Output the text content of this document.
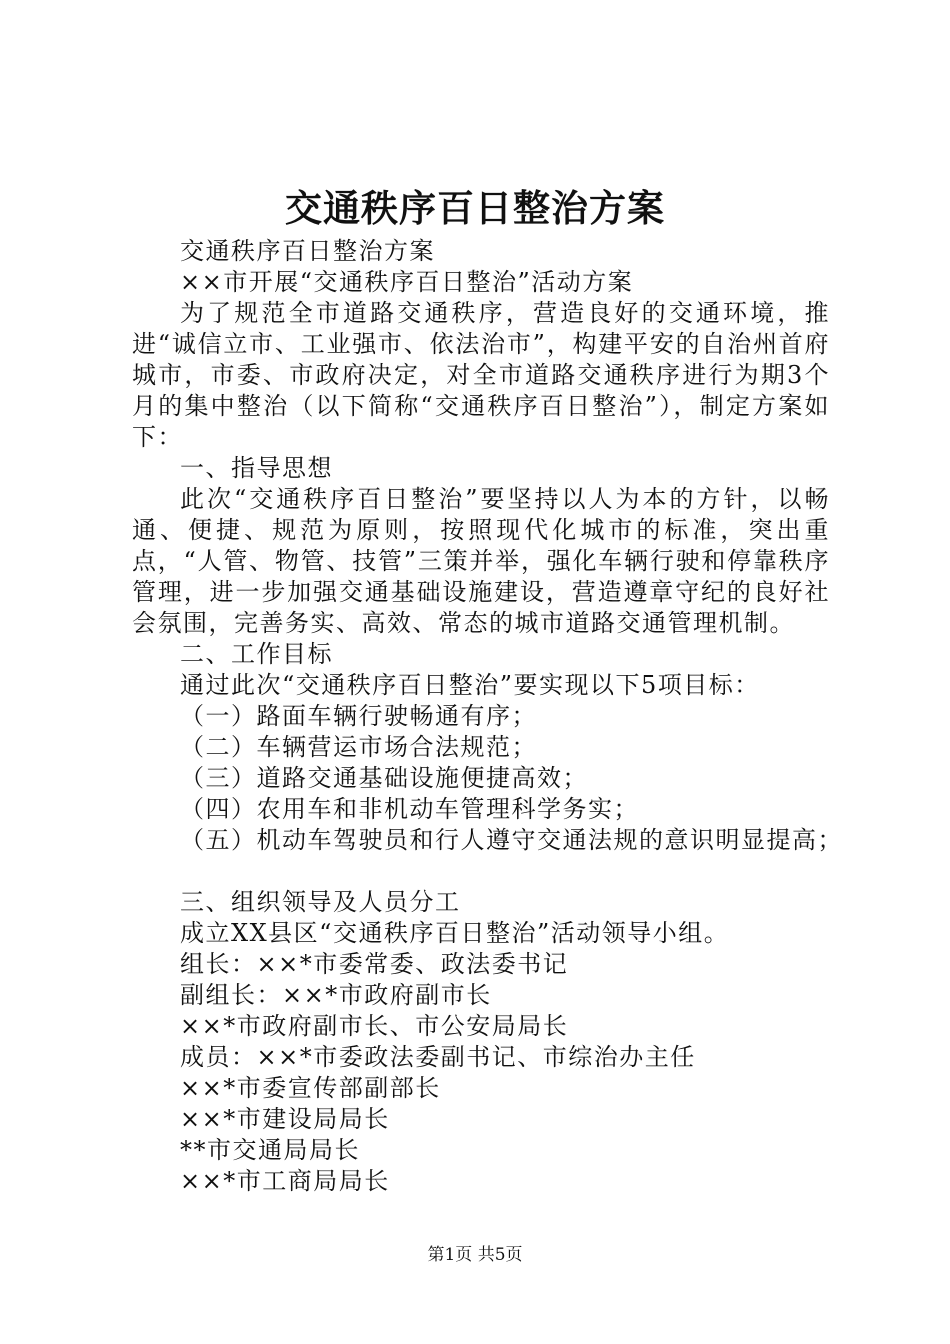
交通秩序百日整治方案
交通秩序百日整治方案
××市开展“交通秩序百日整治”活动方案
为了规范全市道路交通秩序，营造良好的交通环境，推进“诚信立市、工业强市、依法治市”，构建平安的自治州首府城市，市委、市政府决定，对全市道路交通秩序进行为期3个月的集中整治（以下简称“交通秩序百日整治”），制定方案如下：
一、指导思想
此次“交通秩序百日整治”要坚持以人为本的方针，以畅通、便捷、规范为原则，按照现代化城市的标准，突出重点，“人管、物管、技管”三策并举，强化车辆行驶和停靠秩序管理，进一步加强交通基础设施建设，营造遵章守纪的良好社会氛围，完善务实、高效、常态的城市道路交通管理机制。
二、工作目标
通过此次“交通秩序百日整治”要实现以下5项目标：
（一）路面车辆行驶畅通有序；
（二）车辆营运市场合法规范；
（三）道路交通基础设施便捷高效；
（四）农用车和非机动车管理科学务实；
（五）机动车驾驶员和行人遵守交通法规的意识明显提高；
三、组织领导及人员分工
成立XX县区“交通秩序百日整治”活动领导小组。
组长：××*市委常委、政法委书记
副组长：××*市政府副市长
××*市政府副市长、市公安局局长
成员：××*市委政法委副书记、市综治办主任
××*市委宣传部副部长
××*市建设局局长
**市交通局局长
××*市工商局局长
第1页 共5页
